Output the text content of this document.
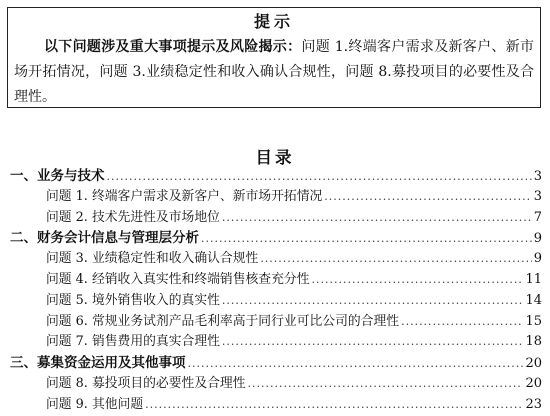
提示
以下问题涉及重大事项提示及风险揭示：问题 1.终端客户需求及新客户、新市场开拓情况，问题 3.业绩稳定性和收入确认合规性，问题 8.募投项目的必要性及合理性。
目录
一、业务与技术 .....	3
问题 1. 终端客户需求及新客户、新市场开拓情况 .....	3
问题 2. 技术先进性及市场地位 .....	7
二、财务会计信息与管理层分析 .....	9
问题 3. 业绩稳定性和收入确认合规性 .....	9
问题 4. 经销收入真实性和终端销售核查充分性 .....	11
问题 5. 境外销售收入的真实性 .....	14
问题 6. 常规业务试剂产品毛利率高于同行业可比公司的合理性 .....	15
问题 7. 销售费用的真实合理性 .....	18
三、募集资金运用及其他事项 .....	20
问题 8. 募投项目的必要性及合理性 .....	20
问题 9. 其他问题 .....	23
